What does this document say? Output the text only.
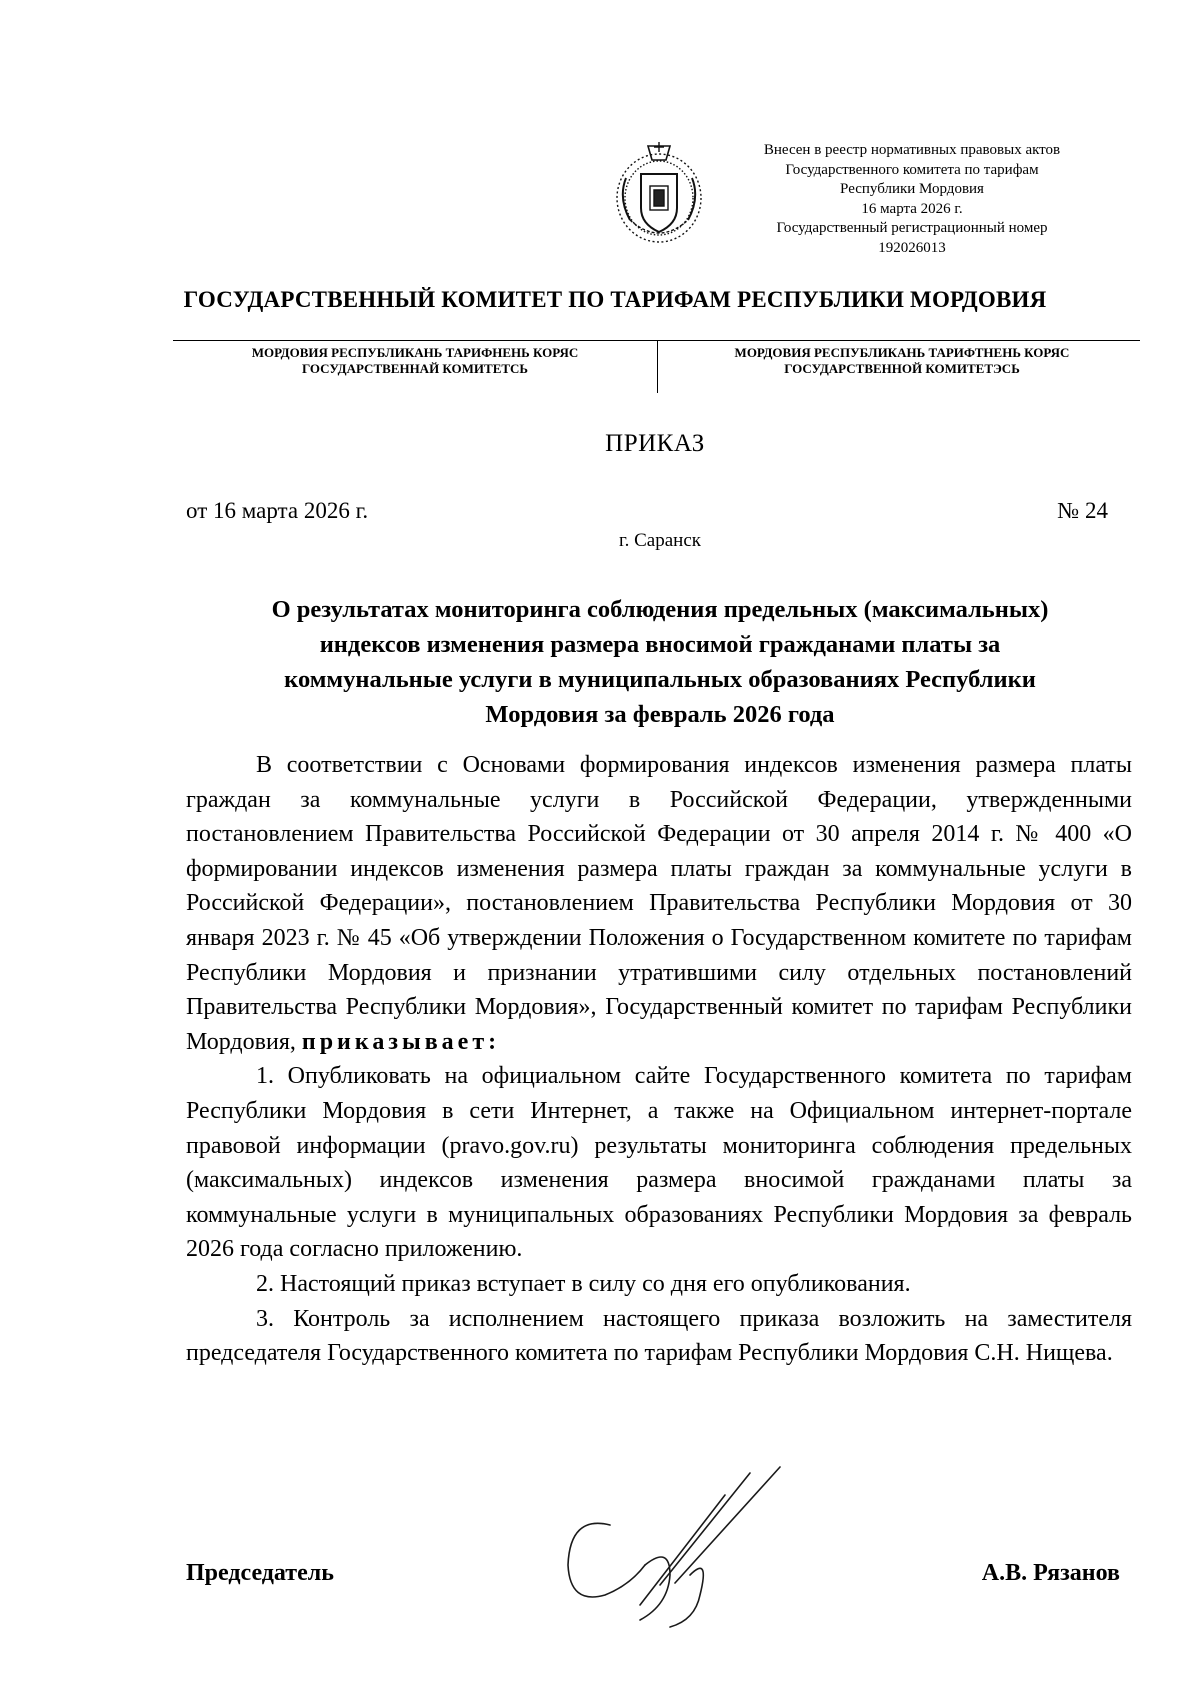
Внесен в реестр нормативных правовых актов
Государственного комитета по тарифам
Республики Мордовия
16 марта 2026 г.
Государственный регистрационный номер
192026013
ГОСУДАРСТВЕННЫЙ КОМИТЕТ ПО ТАРИФАМ РЕСПУБЛИКИ МОРДОВИЯ
МОРДОВИЯ РЕСПУБЛИКАНЬ ТАРИФНЕНЬ КОРЯС
ГОСУДАРСТВЕННАЙ КОМИТЕТСЬ
МОРДОВИЯ РЕСПУБЛИКАНЬ ТАРИФТНЕНЬ КОРЯС
ГОСУДАРСТВЕННОЙ КОМИТЕТЭСЬ
ПРИКАЗ
от 16 марта 2026 г.	№ 24
г. Саранск
О результатах мониторинга соблюдения предельных (максимальных)
индексов изменения размера вносимой гражданами платы за
коммунальные услуги в муниципальных образованиях Республики
Мордовия за февраль 2026 года

В соответствии с Основами формирования индексов изменения размера платы граждан за коммунальные услуги в Российской Федерации, утвержденными постановлением Правительства Российской Федерации от 30 апреля 2014 г. № 400 «О формировании индексов изменения размера платы граждан за коммунальные услуги в Российской Федерации», постановлением Правительства Республики Мордовия от 30 января 2023 г. № 45 «Об утверждении Положения о Государственном комитете по тарифам Республики Мордовия и признании утратившими силу отдельных постановлений Правительства Республики Мордовия», Государственный комитет по тарифам Республики Мордовия, приказывает:

1. Опубликовать на официальном сайте Государственного комитета по тарифам Республики Мордовия в сети Интернет, а также на Официальном интернет-портале правовой информации (pravo.gov.ru) результаты мониторинга соблюдения предельных (максимальных) индексов изменения размера вносимой гражданами платы за коммунальные услуги в муниципальных образованиях Республики Мордовия за февраль 2026 года согласно приложению.

2. Настоящий приказ вступает в силу со дня его опубликования.

3. Контроль за исполнением настоящего приказа возложить на заместителя председателя Государственного комитета по тарифам Республики Мордовия С.Н. Нищева.

Председатель	А.В. Рязанов
